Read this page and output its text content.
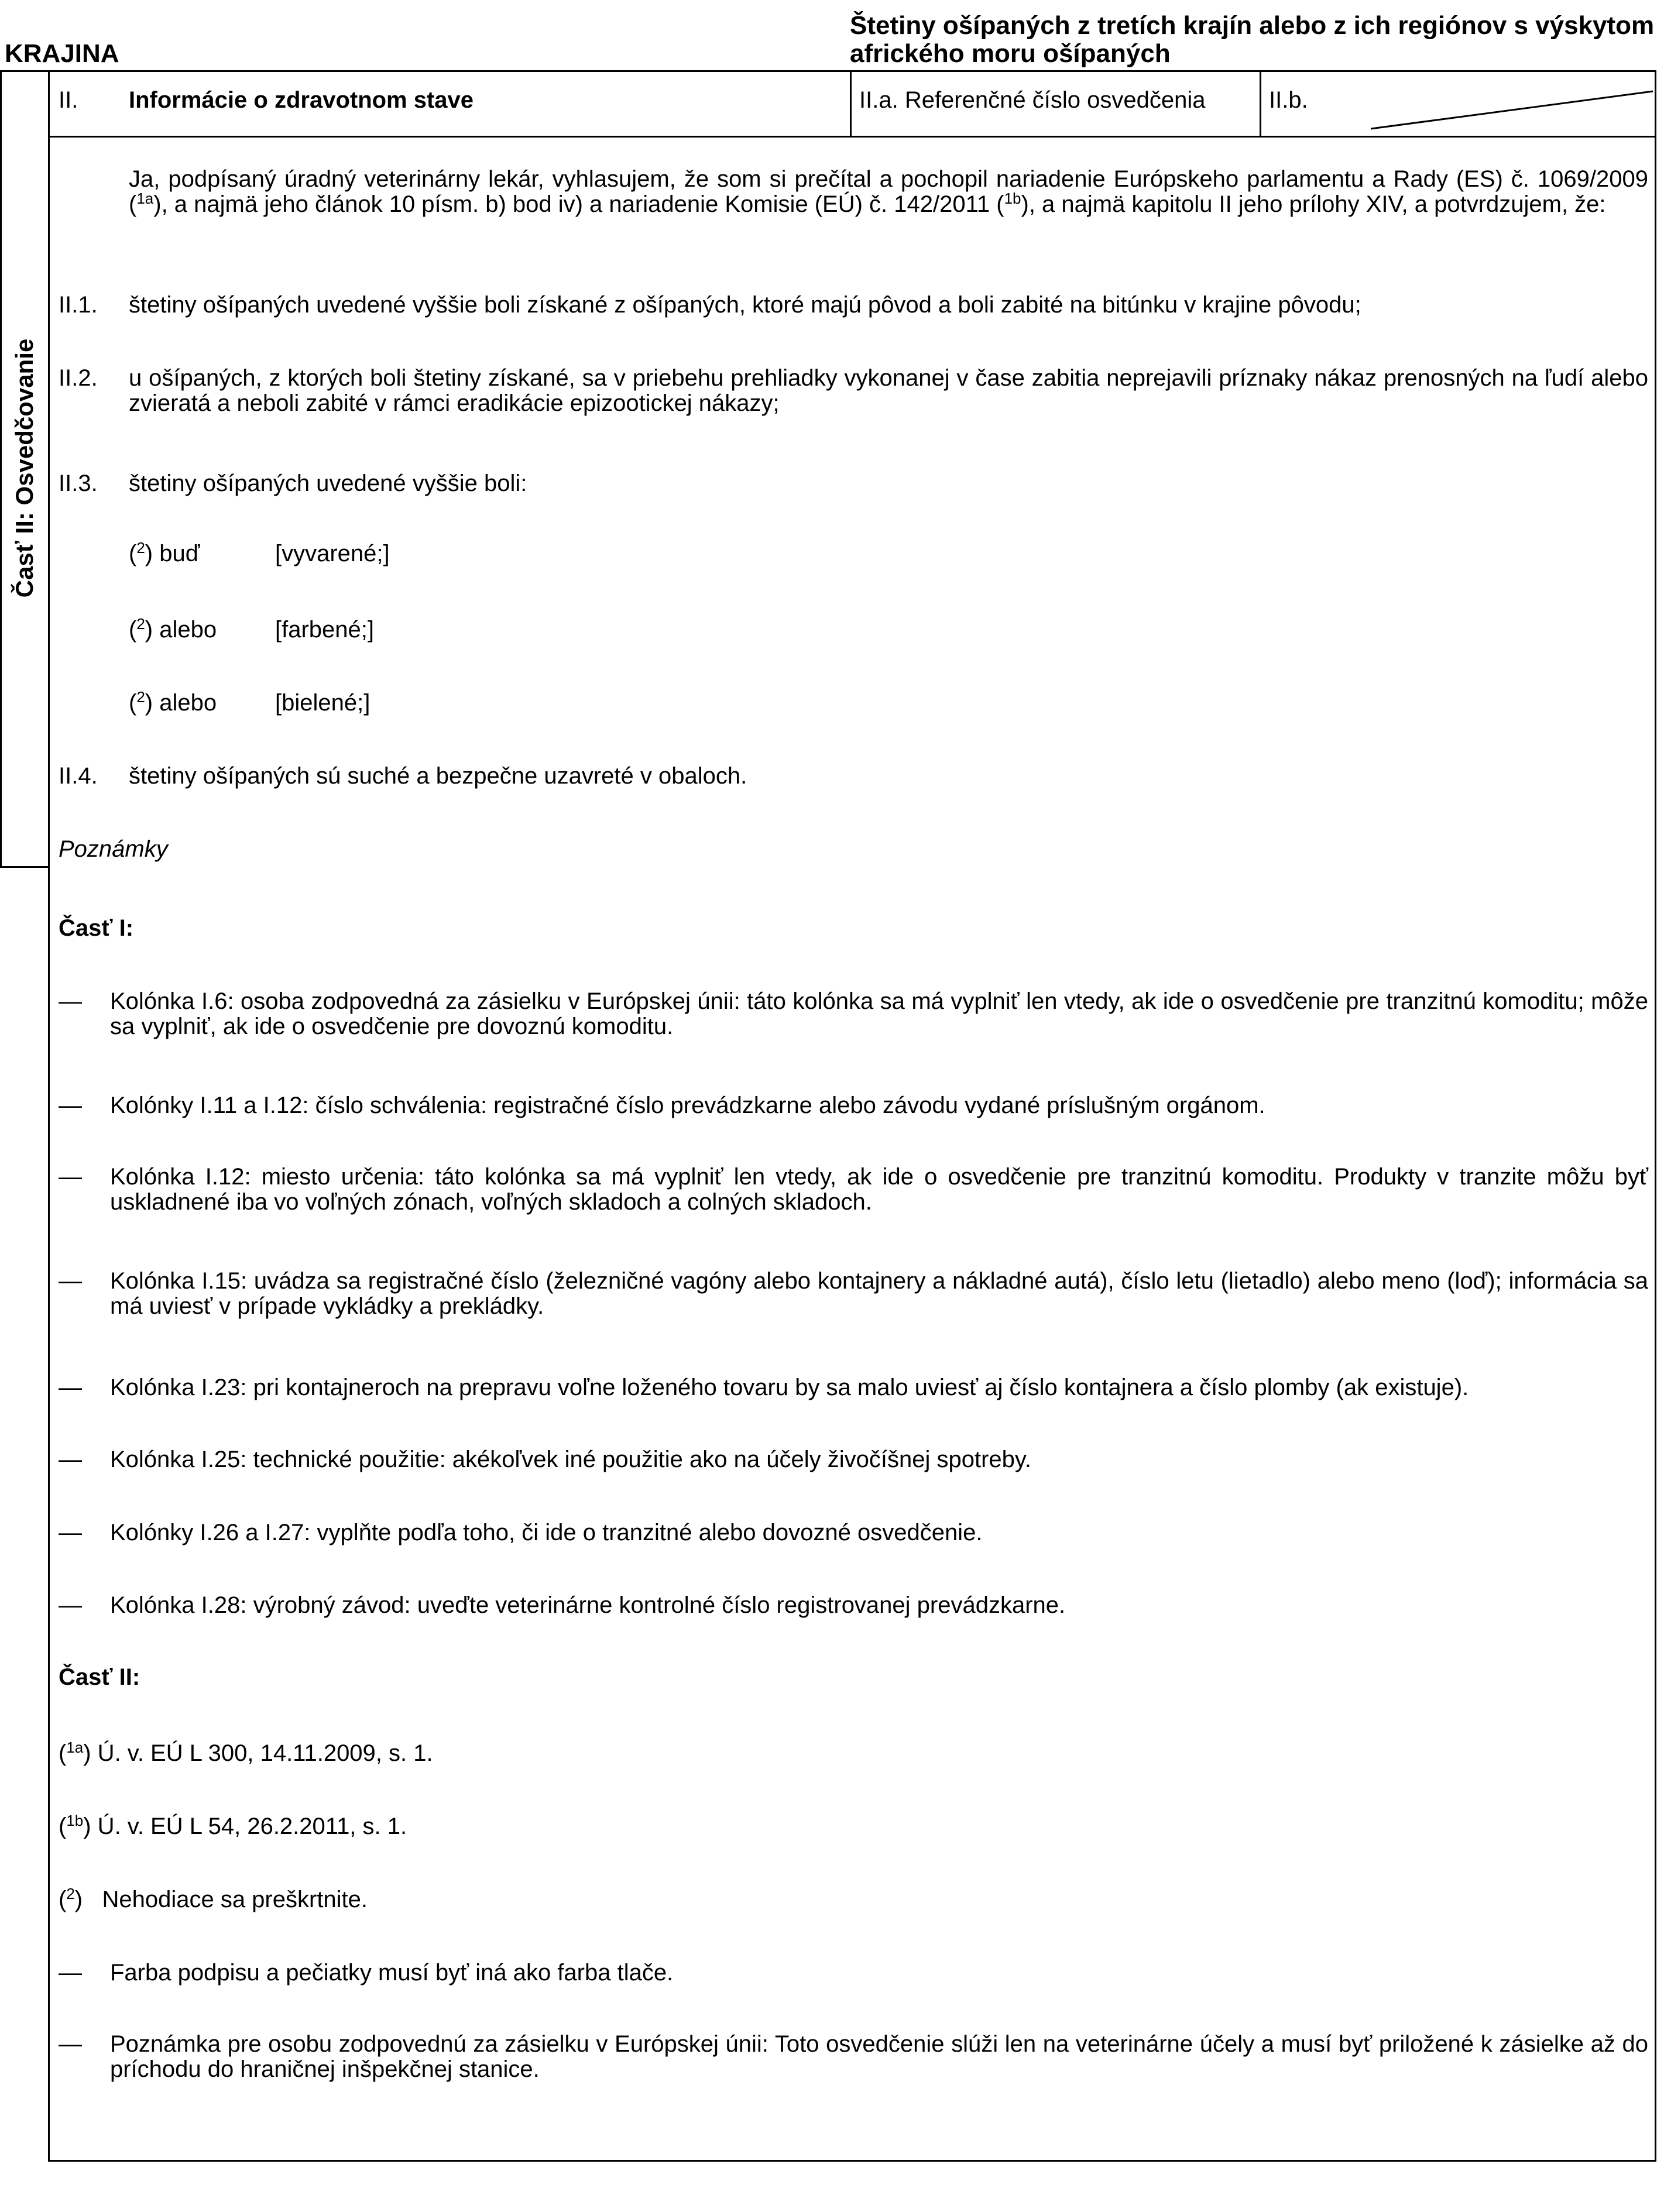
KRAJINA
Štetiny ošípaných z tretích krajín alebo z ich regiónov s výskytom afrického moru ošípaných
Časť II: Osvedčovanie
II. Informácie o zdravotnom stave	II.a. Referenčné číslo osvedčenia	II.b.
Ja, podpísaný úradný veterinárny lekár, vyhlasujem, že som si prečítal a pochopil nariadenie Európskeho parlamentu a Rady (ES) č. 1069/2009 ($^{1a}$), a najmä jeho článok 10 písm. b) bod iv) a nariadenie Komisie (EÚ) č. 142/2011 ($^{1b}$), a najmä kapitolu II jeho prílohy XIV, a potvrdzujem, že:
II.1. štetiny ošípaných uvedené vyššie boli získané z ošípaných, ktoré majú pôvod a boli zabité na bitúnku v krajine pôvodu;
II.2. u ošípaných, z ktorých boli štetiny získané, sa v priebehu prehliadky vykonanej v čase zabitia neprejavili príznaky nákaz prenosných na ľudí alebo zvieratá a neboli zabité v rámci eradikácie epizootickej nákazy;
II.3. štetiny ošípaných uvedené vyššie boli:
($^2$) buď	[vyvarené;]
($^2$) alebo [farbené;]
($^2$) alebo [bielené;]
II.4. štetiny ošípaných sú suché a bezpečne uzavreté v obaloch.
Poznámky
Časť I:
— Kolónka I.6: osoba zodpovedná za zásielku v Európskej únii: táto kolónka sa má vyplniť len vtedy, ak ide o osvedčenie pre tranzitnú komoditu; môže sa vyplniť, ak ide o osvedčenie pre dovoznú komoditu.
— Kolónky I.11 a I.12: číslo schválenia: registračné číslo prevádzkarne alebo závodu vydané príslušným orgánom.
— Kolónka I.12: miesto určenia: táto kolónka sa má vyplniť len vtedy, ak ide o osvedčenie pre tranzitnú komoditu. Produkty v tranzite môžu byť uskladnené iba vo voľných zónach, voľných skladoch a colných skladoch.
— Kolónka I.15: uvádza sa registračné číslo (železničné vagóny alebo kontajnery a nákladné autá), číslo letu (lietadlo) alebo meno (loď); informácia sa má uviesť v prípade vykládky a prekládky.
— Kolónka I.23: pri kontajneroch na prepravu voľne loženého tovaru by sa malo uviesť aj číslo kontajnera a číslo plomby (ak existuje).
— Kolónka I.25: technické použitie: akékoľvek iné použitie ako na účely živočíšnej spotreby.
— Kolónky I.26 a I.27: vyplňte podľa toho, či ide o tranzitné alebo dovozné osvedčenie.
— Kolónka I.28: výrobný závod: uveďte veterinárne kontrolné číslo registrovanej prevádzkarne.
Časť II:
($^{1a}$) Ú. v. EÚ L 300, 14.11.2009, s. 1.
($^{1b}$) Ú. v. EÚ L 54, 26.2.2011, s. 1.
($^2$)   Nehodiace sa preškrtnite.
— Farba podpisu a pečiatky musí byť iná ako farba tlače.
— Poznámka pre osobu zodpovednú za zásielku v Európskej únii: Toto osvedčenie slúži len na veterinárne účely a musí byť priložené k zásielke až do príchodu do hraničnej inšpekčnej stanice.
